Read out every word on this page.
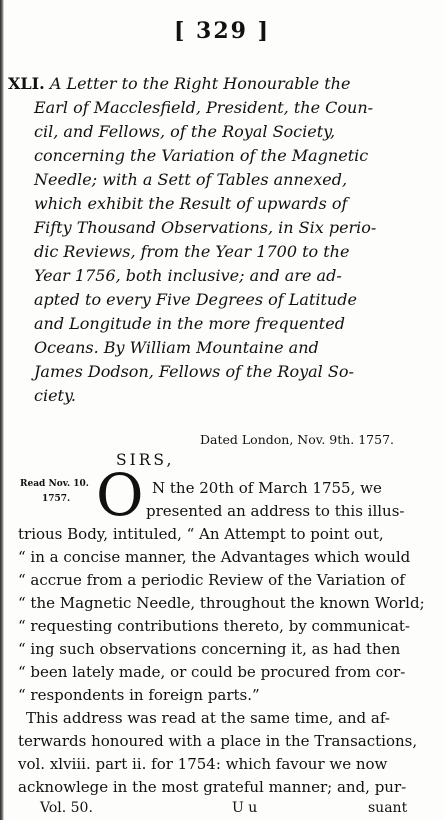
[ 329 ]
XLI. A Letter to the Right Honourable the
Earl of Macclesfield, President, the Coun-
cil, and Fellows, of the Royal Society,
concerning the Variation of the Magnetic
Needle; with a Sett of Tables annexed,
which exhibit the Result of upwards of
Fifty Thousand Observations, in Six perio-
dic Reviews, from the Year 1700 to the
Year 1756, both inclusive; and are ad-
apted to every Five Degrees of Latitude
and Longitude in the more frequented
Oceans. By William Mountaine and
James Dodson, Fellows of the Royal So-
ciety.
Dated London, Nov. 9th. 1757.
SIRS,
Read Nov. 10.
1757. O N the 20th of March 1755, we
presented an address to this illus-
trious Body, intituled, “ An Attempt to point out,
“ in a concise manner, the Advantages which would
“ accrue from a periodic Review of the Variation of
“ the Magnetic Needle, throughout the known World;
“ requesting contributions thereto, by communicat-
“ ing such observations concerning it, as had then
“ been lately made, or could be procured from cor-
“ respondents in foreign parts.”
This address was read at the same time, and af-
terwards honoured with a place in the Transactions,
vol. xlviii. part ii. for 1754: which favour we now
acknowlege in the most grateful manner; and, pur-
Vol. 50.	U u	suant
